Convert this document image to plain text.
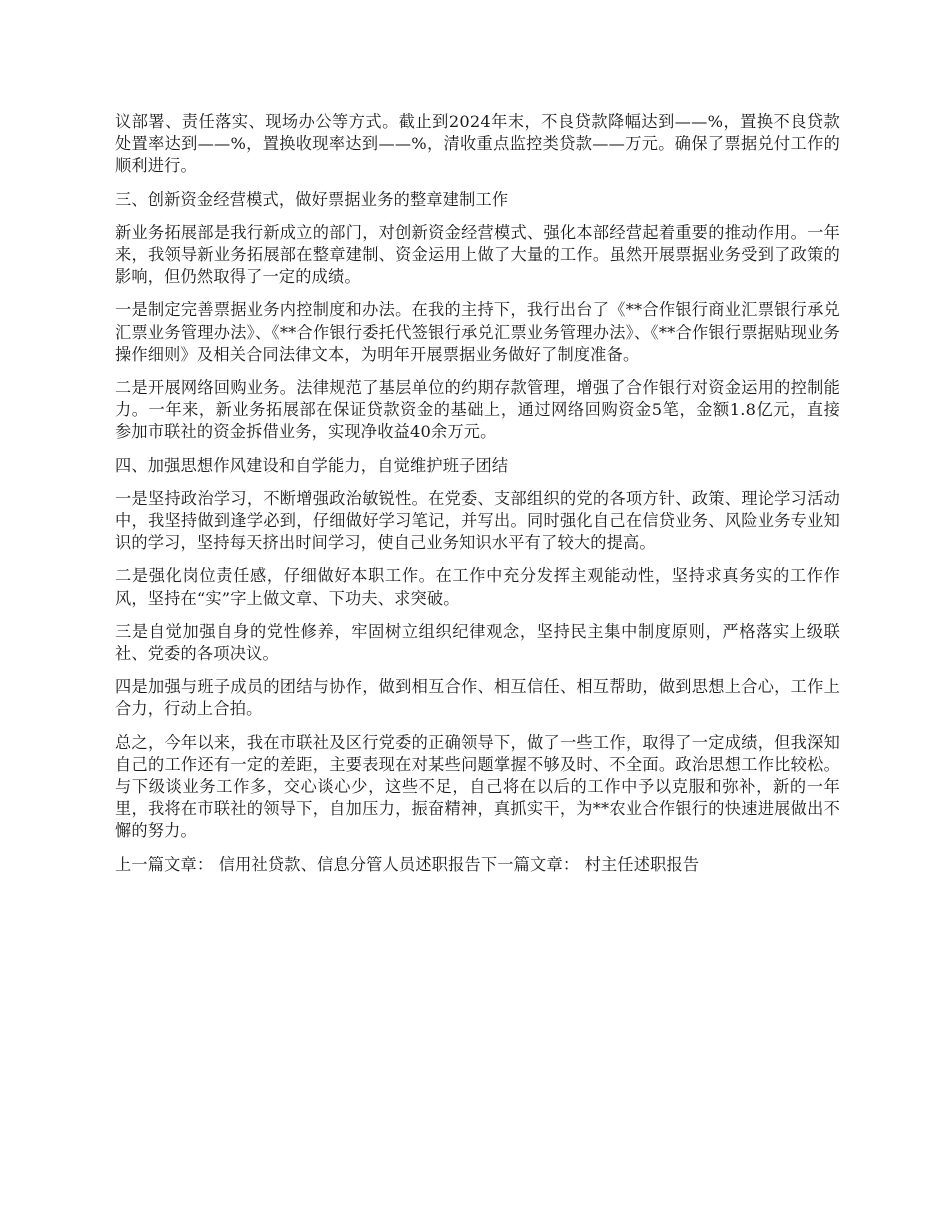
议部署、责任落实、现场办公等方式。截止到2024年末，不良贷款降幅达到——%，置换不良贷款处置率达到——%，置换收现率达到——%，清收重点监控类贷款——万元。确保了票据兑付工作的顺利进行。

三、创新资金经营模式，做好票据业务的整章建制工作

新业务拓展部是我行新成立的部门，对创新资金经营模式、强化本部经营起着重要的推动作用。一年来，我领导新业务拓展部在整章建制、资金运用上做了大量的工作。虽然开展票据业务受到了政策的影响，但仍然取得了一定的成绩。

一是制定完善票据业务内控制度和办法。在我的主持下，我行出台了《**合作银行商业汇票银行承兑汇票业务管理办法》、《**合作银行委托代签银行承兑汇票业务管理办法》、《**合作银行票据贴现业务操作细则》及相关合同法律文本，为明年开展票据业务做好了制度准备。

二是开展网络回购业务。法律规范了基层单位的约期存款管理，增强了合作银行对资金运用的控制能力。一年来，新业务拓展部在保证贷款资金的基础上，通过网络回购资金5笔，金额1.8亿元，直接参加市联社的资金拆借业务，实现净收益40余万元。

四、加强思想作风建设和自学能力，自觉维护班子团结

一是坚持政治学习，不断增强政治敏锐性。在党委、支部组织的党的各项方针、政策、理论学习活动中，我坚持做到逢学必到，仔细做好学习笔记，并写出。同时强化自己在信贷业务、风险业务专业知识的学习，坚持每天挤出时间学习，使自己业务知识水平有了较大的提高。

二是强化岗位责任感，仔细做好本职工作。在工作中充分发挥主观能动性，坚持求真务实的工作作风，坚持在“实”字上做文章、下功夫、求突破。

三是自觉加强自身的党性修养，牢固树立组织纪律观念，坚持民主集中制度原则，严格落实上级联社、党委的各项决议。

四是加强与班子成员的团结与协作，做到相互合作、相互信任、相互帮助，做到思想上合心，工作上合力，行动上合拍。

总之，今年以来，我在市联社及区行党委的正确领导下，做了一些工作，取得了一定成绩，但我深知自己的工作还有一定的差距，主要表现在对某些问题掌握不够及时、不全面。政治思想工作比较松。与下级谈业务工作多，交心谈心少，这些不足，自己将在以后的工作中予以克服和弥补，新的一年里，我将在市联社的领导下，自加压力，振奋精神，真抓实干，为**农业合作银行的快速进展做出不懈的努力。

上一篇文章： 信用社贷款、信息分管人员述职报告下一篇文章： 村主任述职报告
